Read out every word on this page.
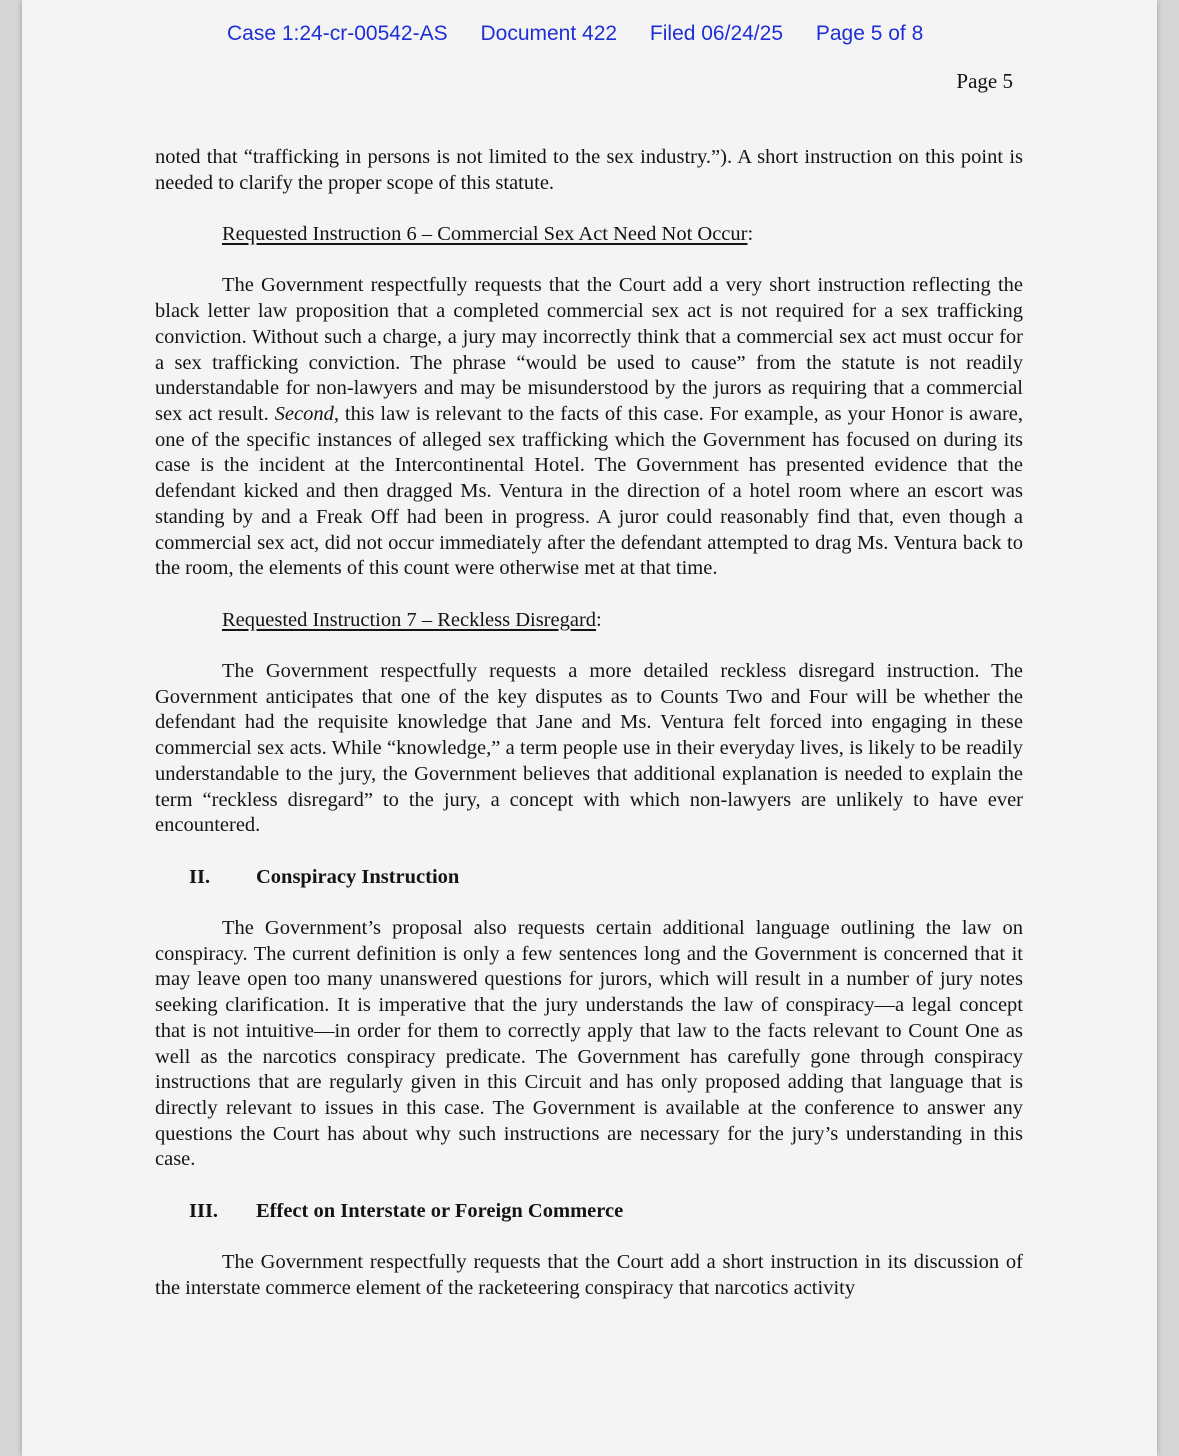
Case 1:24-cr-00542-AS Document 422 Filed 06/24/25 Page 5 of 8
Page 5

noted that “trafficking in persons is not limited to the sex industry.”). A short instruction on this point is needed to clarify the proper scope of this statute.

Requested Instruction 6 – Commercial Sex Act Need Not Occur:

The Government respectfully requests that the Court add a very short instruction reflecting the black letter law proposition that a completed commercial sex act is not required for a sex trafficking conviction. Without such a charge, a jury may incorrectly think that a commercial sex act must occur for a sex trafficking conviction. The phrase “would be used to cause” from the statute is not readily understandable for non-lawyers and may be misunderstood by the jurors as requiring that a commercial sex act result. Second, this law is relevant to the facts of this case. For example, as your Honor is aware, one of the specific instances of alleged sex trafficking which the Government has focused on during its case is the incident at the Intercontinental Hotel. The Government has presented evidence that the defendant kicked and then dragged Ms. Ventura in the direction of a hotel room where an escort was standing by and a Freak Off had been in progress. A juror could reasonably find that, even though a commercial sex act, did not occur immediately after the defendant attempted to drag Ms. Ventura back to the room, the elements of this count were otherwise met at that time.

Requested Instruction 7 – Reckless Disregard:

The Government respectfully requests a more detailed reckless disregard instruction. The Government anticipates that one of the key disputes as to Counts Two and Four will be whether the defendant had the requisite knowledge that Jane and Ms. Ventura felt forced into engaging in these commercial sex acts. While “knowledge,” a term people use in their everyday lives, is likely to be readily understandable to the jury, the Government believes that additional explanation is needed to explain the term “reckless disregard” to the jury, a concept with which non-lawyers are unlikely to have ever encountered.

II. Conspiracy Instruction

The Government’s proposal also requests certain additional language outlining the law on conspiracy. The current definition is only a few sentences long and the Government is concerned that it may leave open too many unanswered questions for jurors, which will result in a number of jury notes seeking clarification. It is imperative that the jury understands the law of conspiracy—a legal concept that is not intuitive—in order for them to correctly apply that law to the facts relevant to Count One as well as the narcotics conspiracy predicate. The Government has carefully gone through conspiracy instructions that are regularly given in this Circuit and has only proposed adding that language that is directly relevant to issues in this case. The Government is available at the conference to answer any questions the Court has about why such instructions are necessary for the jury’s understanding in this case.

III. Effect on Interstate or Foreign Commerce

The Government respectfully requests that the Court add a short instruction in its discussion of the interstate commerce element of the racketeering conspiracy that narcotics activity
